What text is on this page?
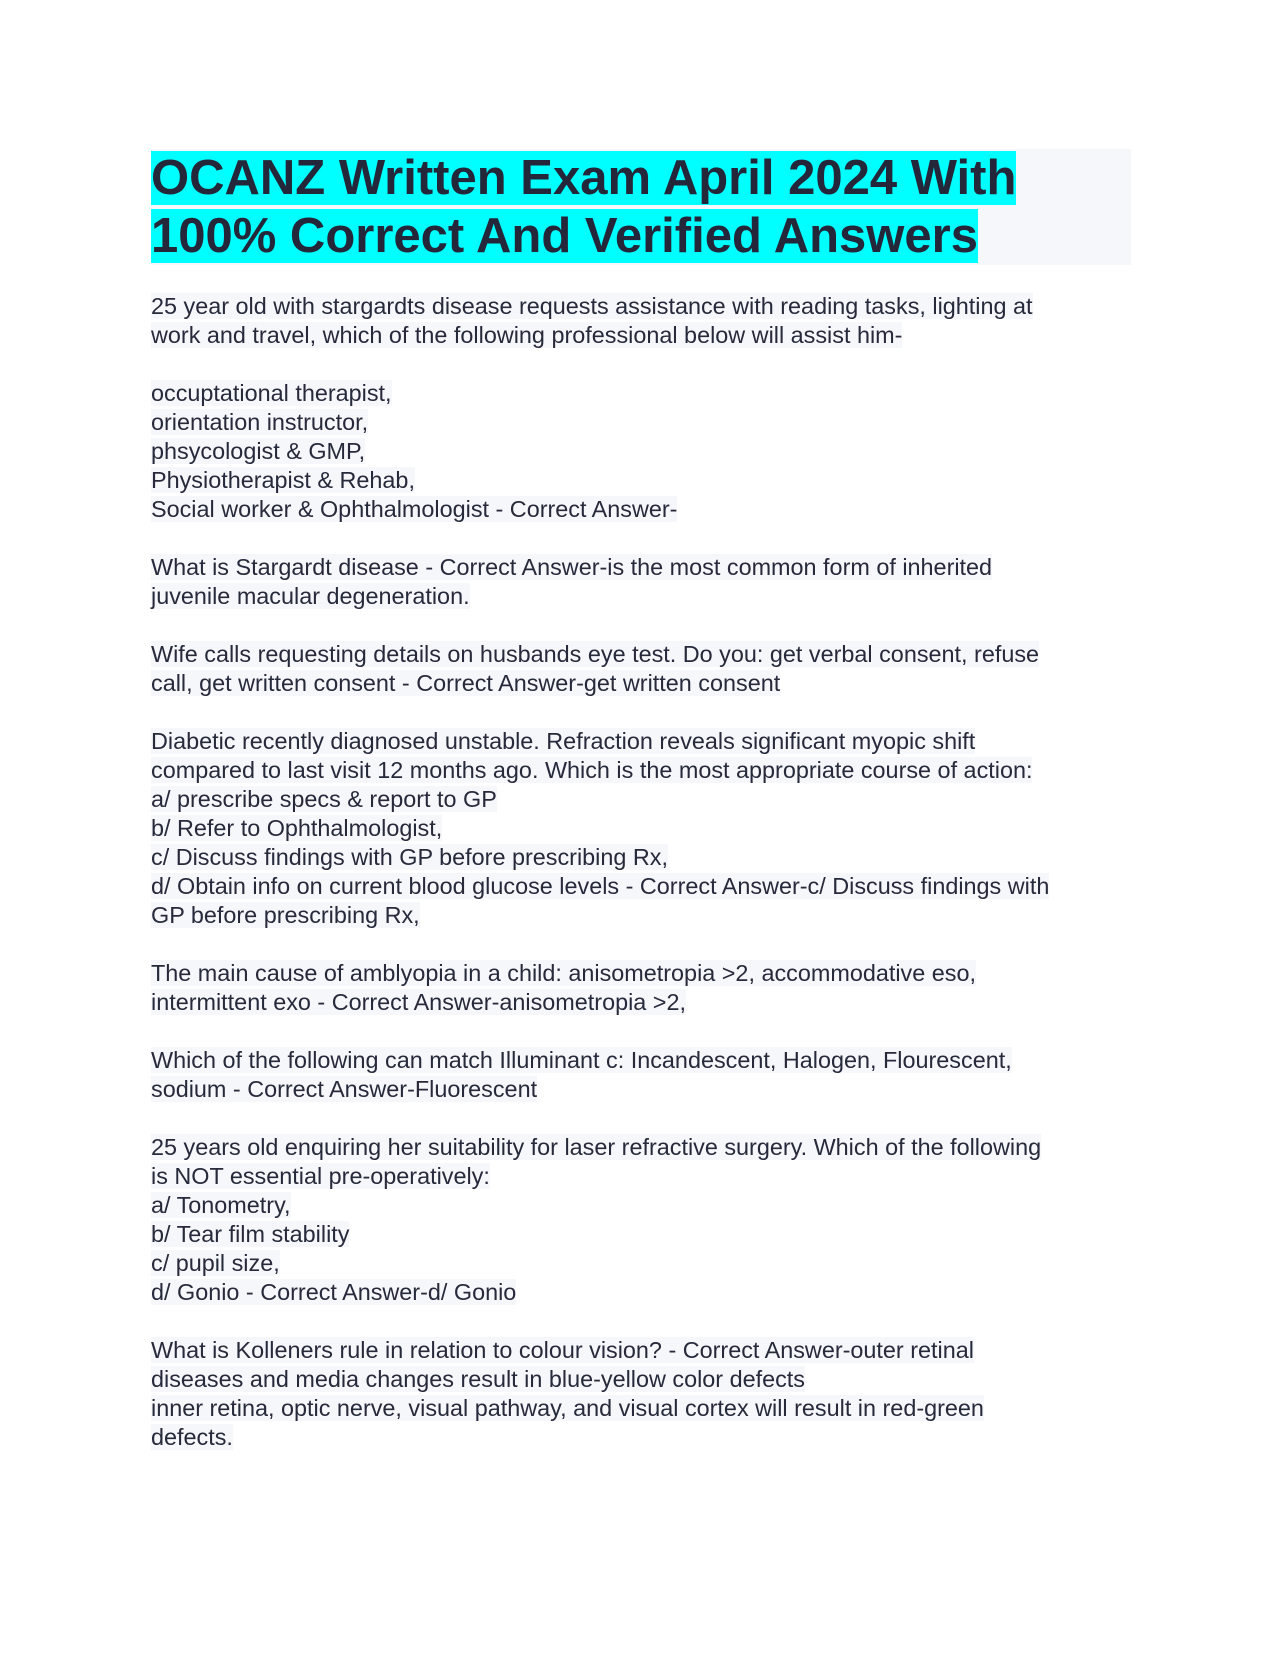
OCANZ Written Exam April 2024 With
100% Correct And Verified Answers
25 year old with stargardts disease requests assistance with reading tasks, lighting at
work and travel, which of the following professional below will assist him-
occuptational therapist,
orientation instructor,
phsycologist & GMP,
Physiotherapist & Rehab,
Social worker & Ophthalmologist - Correct Answer-
What is Stargardt disease - Correct Answer-is the most common form of inherited
juvenile macular degeneration.
Wife calls requesting details on husbands eye test. Do you: get verbal consent, refuse
call, get written consent - Correct Answer-get written consent
Diabetic recently diagnosed unstable. Refraction reveals significant myopic shift
compared to last visit 12 months ago. Which is the most appropriate course of action:
a/ prescribe specs & report to GP
b/ Refer to Ophthalmologist,
c/ Discuss findings with GP before prescribing Rx,
d/ Obtain info on current blood glucose levels - Correct Answer-c/ Discuss findings with
GP before prescribing Rx,
The main cause of amblyopia in a child: anisometropia >2, accommodative eso,
intermittent exo - Correct Answer-anisometropia >2,
Which of the following can match Illuminant c: Incandescent, Halogen, Flourescent,
sodium - Correct Answer-Fluorescent
25 years old enquiring her suitability for laser refractive surgery. Which of the following
is NOT essential pre-operatively:
a/ Tonometry,
b/ Tear film stability
c/ pupil size,
d/ Gonio - Correct Answer-d/ Gonio
What is Kolleners rule in relation to colour vision? - Correct Answer-outer retinal
diseases and media changes result in blue-yellow color defects
inner retina, optic nerve, visual pathway, and visual cortex will result in red-green
defects.
